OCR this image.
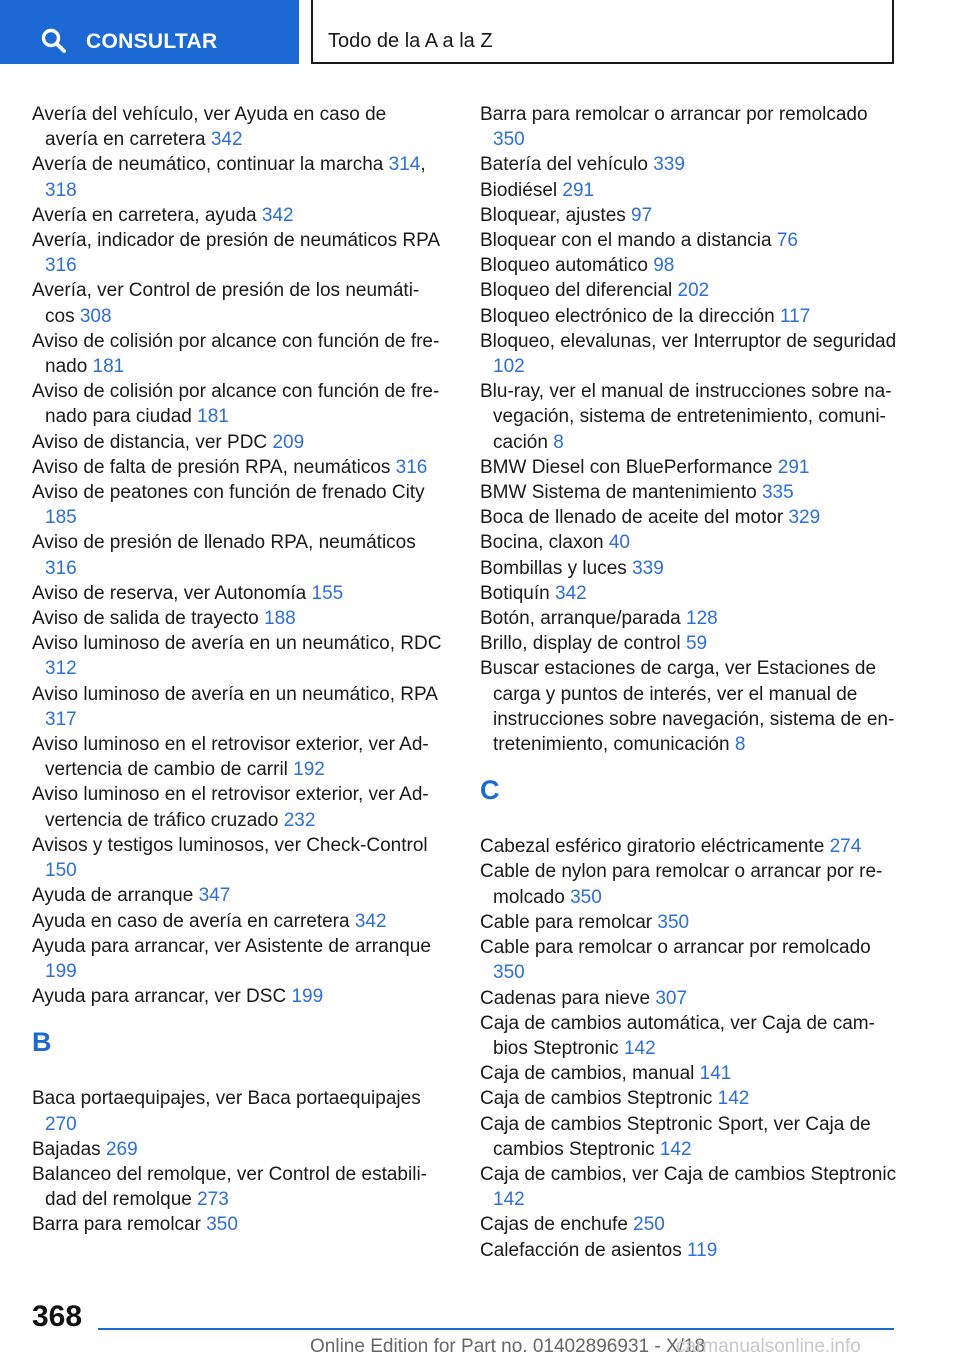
CONSULTAR	Todo de la A a la Z
Avería del vehículo, ver Ayuda en caso de avería en carretera 342
Avería de neumático, continuar la marcha 314, 318
Avería en carretera, ayuda 342
Avería, indicador de presión de neumáticos RPA 316
Avería, ver Control de presión de los neumáticos 308
Aviso de colisión por alcance con función de frenado 181
Aviso de colisión por alcance con función de frenado para ciudad 181
Aviso de distancia, ver PDC 209
Aviso de falta de presión RPA, neumáticos 316
Aviso de peatones con función de frenado City 185
Aviso de presión de llenado RPA, neumáticos 316
Aviso de reserva, ver Autonomía 155
Aviso de salida de trayecto 188
Aviso luminoso de avería en un neumático, RDC 312
Aviso luminoso de avería en un neumático, RPA 317
Aviso luminoso en el retrovisor exterior, ver Advertencia de cambio de carril 192
Aviso luminoso en el retrovisor exterior, ver Advertencia de tráfico cruzado 232
Avisos y testigos luminosos, ver Check-Control 150
Ayuda de arranque 347
Ayuda en caso de avería en carretera 342
Ayuda para arrancar, ver Asistente de arranque 199
Ayuda para arrancar, ver DSC 199
B
Baca portaequipajes, ver Baca portaequipajes 270
Bajadas 269
Balanceo del remolque, ver Control de estabilidad del remolque 273
Barra para remolcar 350
Barra para remolcar o arrancar por remolcado 350
Batería del vehículo 339
Biodiésel 291
Bloquear, ajustes 97
Bloquear con el mando a distancia 76
Bloqueo automático 98
Bloqueo del diferencial 202
Bloqueo electrónico de la dirección 117
Bloqueo, elevalunas, ver Interruptor de seguridad 102
Blu-ray, ver el manual de instrucciones sobre navegación, sistema de entretenimiento, comunicación 8
BMW Diesel con BluePerformance 291
BMW Sistema de mantenimiento 335
Boca de llenado de aceite del motor 329
Bocina, claxon 40
Bombillas y luces 339
Botiquín 342
Botón, arranque/parada 128
Brillo, display de control 59
Buscar estaciones de carga, ver Estaciones de carga y puntos de interés, ver el manual de instrucciones sobre navegación, sistema de entretenimiento, comunicación 8
C
Cabezal esférico giratorio eléctricamente 274
Cable de nylon para remolcar o arrancar por remolcado 350
Cable para remolcar 350
Cable para remolcar o arrancar por remolcado 350
Cadenas para nieve 307
Caja de cambios automática, ver Caja de cambios Steptronic 142
Caja de cambios, manual 141
Caja de cambios Steptronic 142
Caja de cambios Steptronic Sport, ver Caja de cambios Steptronic 142
Caja de cambios, ver Caja de cambios Steptronic 142
Cajas de enchufe 250
Calefacción de asientos 119
368
Online Edition for Part no. 01402896931 - X/18
carmanualsonline.info
